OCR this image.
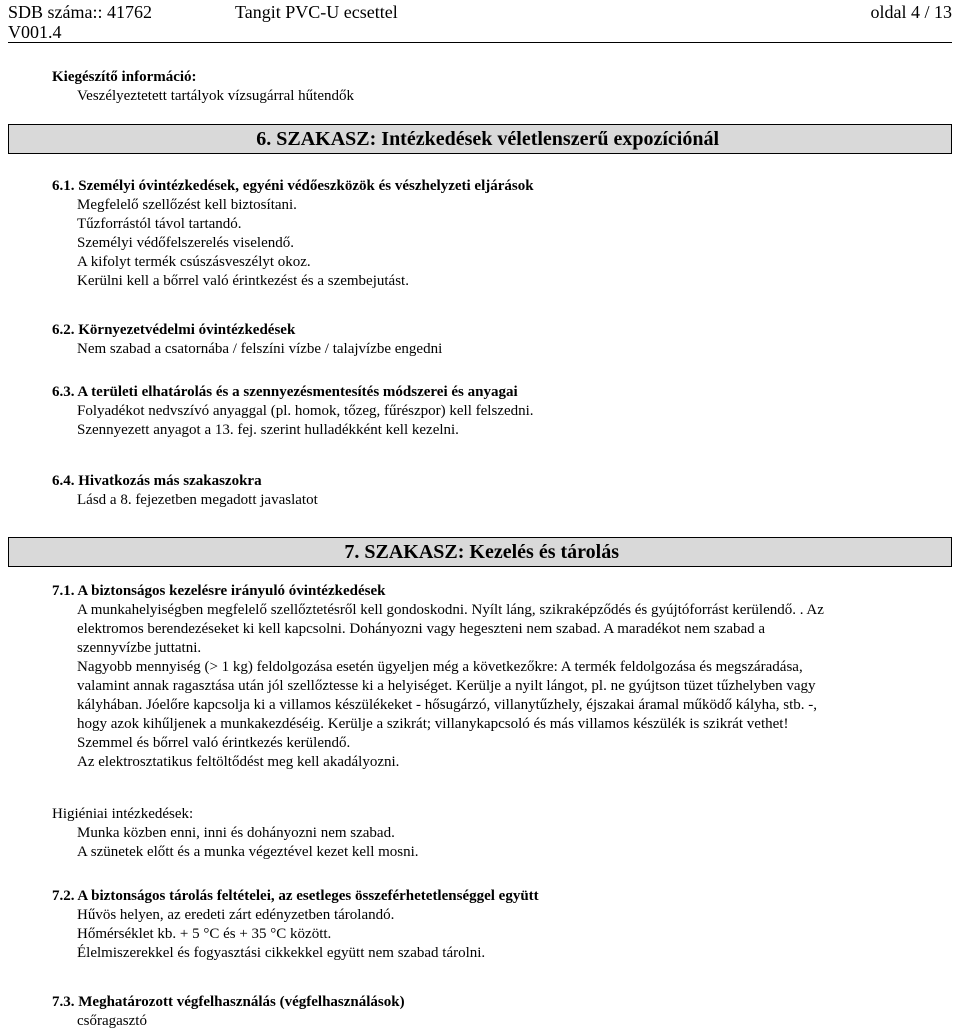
SDB száma:: 41762	Tangit PVC-U ecsettel	oldal 4 / 13
V001.4
Kiegészítő információ:
Veszélyeztetett tartályok vízsugárral hűtendők
6. SZAKASZ: Intézkedések véletlenszerű expozíciónál
6.1. Személyi óvintézkedések, egyéni védőeszközök és vészhelyzeti eljárások
Megfelelő szellőzést kell biztosítani.
Tűzforrástól távol tartandó.
Személyi védőfelszerelés viselendő.
A kifolyt termék csúszásveszélyt okoz.
Kerülni kell a bőrrel való érintkezést és a szembejutást.
6.2. Környezetvédelmi óvintézkedések
Nem szabad a csatornába / felszíni vízbe / talajvízbe engedni
6.3. A területi elhatárolás és a szennyezésmentesítés módszerei és anyagai
Folyadékot nedvszívó anyaggal (pl. homok, tőzeg, fűrészpor) kell felszedni.
Szennyezett anyagot a 13. fej. szerint hulladékként kell kezelni.
6.4. Hivatkozás más szakaszokra
Lásd a 8. fejezetben megadott javaslatot
7. SZAKASZ: Kezelés és tárolás
7.1. A biztonságos kezelésre irányuló óvintézkedések
A munkahelyiségben megfelelő szellőztetésről kell gondoskodni. Nyílt láng, szikraképződés és gyújtóforrást kerülendő. . Az
elektromos berendezéseket ki kell kapcsolni. Dohányozni vagy hegeszteni nem szabad. A maradékot nem szabad a
szennyvízbe juttatni.
Nagyobb mennyiség (> 1 kg) feldolgozása esetén ügyeljen még a következőkre: A termék feldolgozása és megszáradása,
valamint annak ragasztása után jól szellőztesse ki a helyiséget. Kerülje a nyilt lángot, pl. ne gyújtson tüzet tűzhelyben vagy
kályhában. Jóelőre kapcsolja ki a villamos készülékeket - hősugárzó, villanytűzhely, éjszakai áramal működő kályha, stb. -,
hogy azok kihűljenek a munkakezdéséig. Kerülje a szikrát; villanykapcsoló és más villamos készülék is szikrát vethet!
Szemmel és bőrrel való érintkezés kerülendő.
Az elektrosztatikus feltöltődést meg kell akadályozni.
Higiéniai intézkedések:
Munka közben enni, inni és dohányozni nem szabad.
A szünetek előtt és a munka végeztével kezet kell mosni.
7.2. A biztonságos tárolás feltételei, az esetleges összeférhetetlenséggel együtt
Hűvös helyen, az eredeti zárt edényzetben tárolandó.
Hőmérséklet kb. + 5 °C és + 35 °C között.
Élelmiszerekkel és fogyasztási cikkekkel együtt nem szabad tárolni.
7.3. Meghatározott végfelhasználás (végfelhasználások)
csőragasztó
